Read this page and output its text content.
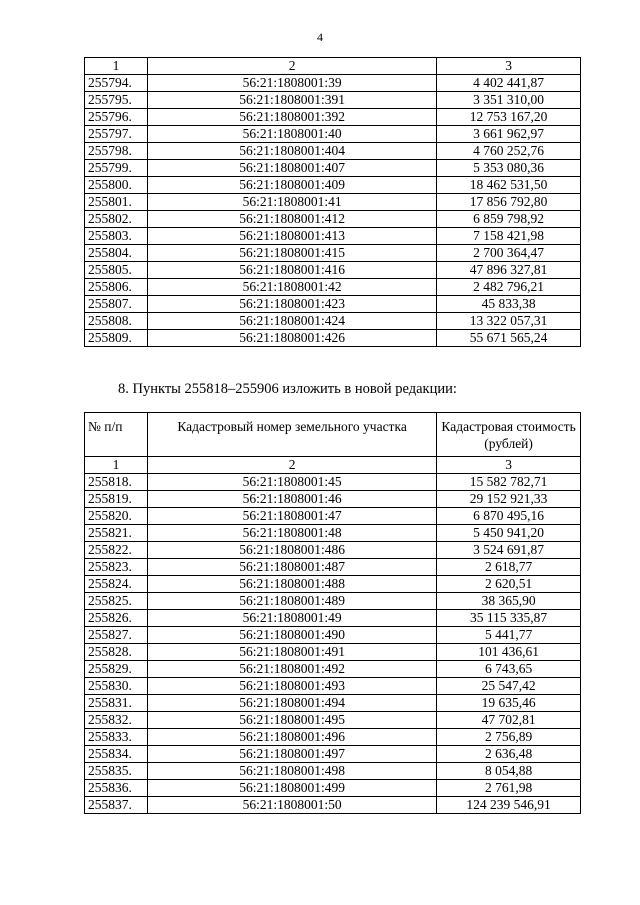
4
1	2	3
255794.	56:21:1808001:39	4 402 441,87
255795.	56:21:1808001:391	3 351 310,00
255796.	56:21:1808001:392	12 753 167,20
255797.	56:21:1808001:40	3 661 962,97
255798.	56:21:1808001:404	4 760 252,76
255799.	56:21:1808001:407	5 353 080,36
255800.	56:21:1808001:409	18 462 531,50
255801.	56:21:1808001:41	17 856 792,80
255802.	56:21:1808001:412	6 859 798,92
255803.	56:21:1808001:413	7 158 421,98
255804.	56:21:1808001:415	2 700 364,47
255805.	56:21:1808001:416	47 896 327,81
255806.	56:21:1808001:42	2 482 796,21
255807.	56:21:1808001:423	45 833,38
255808.	56:21:1808001:424	13 322 057,31
255809.	56:21:1808001:426	55 671 565,24
8. Пункты 255818–255906 изложить в новой редакции:
№ п/п	Кадастровый номер земельного участка	Кадастровая стоимость (рублей)
1	2	3
255818.	56:21:1808001:45	15 582 782,71
255819.	56:21:1808001:46	29 152 921,33
255820.	56:21:1808001:47	6 870 495,16
255821.	56:21:1808001:48	5 450 941,20
255822.	56:21:1808001:486	3 524 691,87
255823.	56:21:1808001:487	2 618,77
255824.	56:21:1808001:488	2 620,51
255825.	56:21:1808001:489	38 365,90
255826.	56:21:1808001:49	35 115 335,87
255827.	56:21:1808001:490	5 441,77
255828.	56:21:1808001:491	101 436,61
255829.	56:21:1808001:492	6 743,65
255830.	56:21:1808001:493	25 547,42
255831.	56:21:1808001:494	19 635,46
255832.	56:21:1808001:495	47 702,81
255833.	56:21:1808001:496	2 756,89
255834.	56:21:1808001:497	2 636,48
255835.	56:21:1808001:498	8 054,88
255836.	56:21:1808001:499	2 761,98
255837.	56:21:1808001:50	124 239 546,91
